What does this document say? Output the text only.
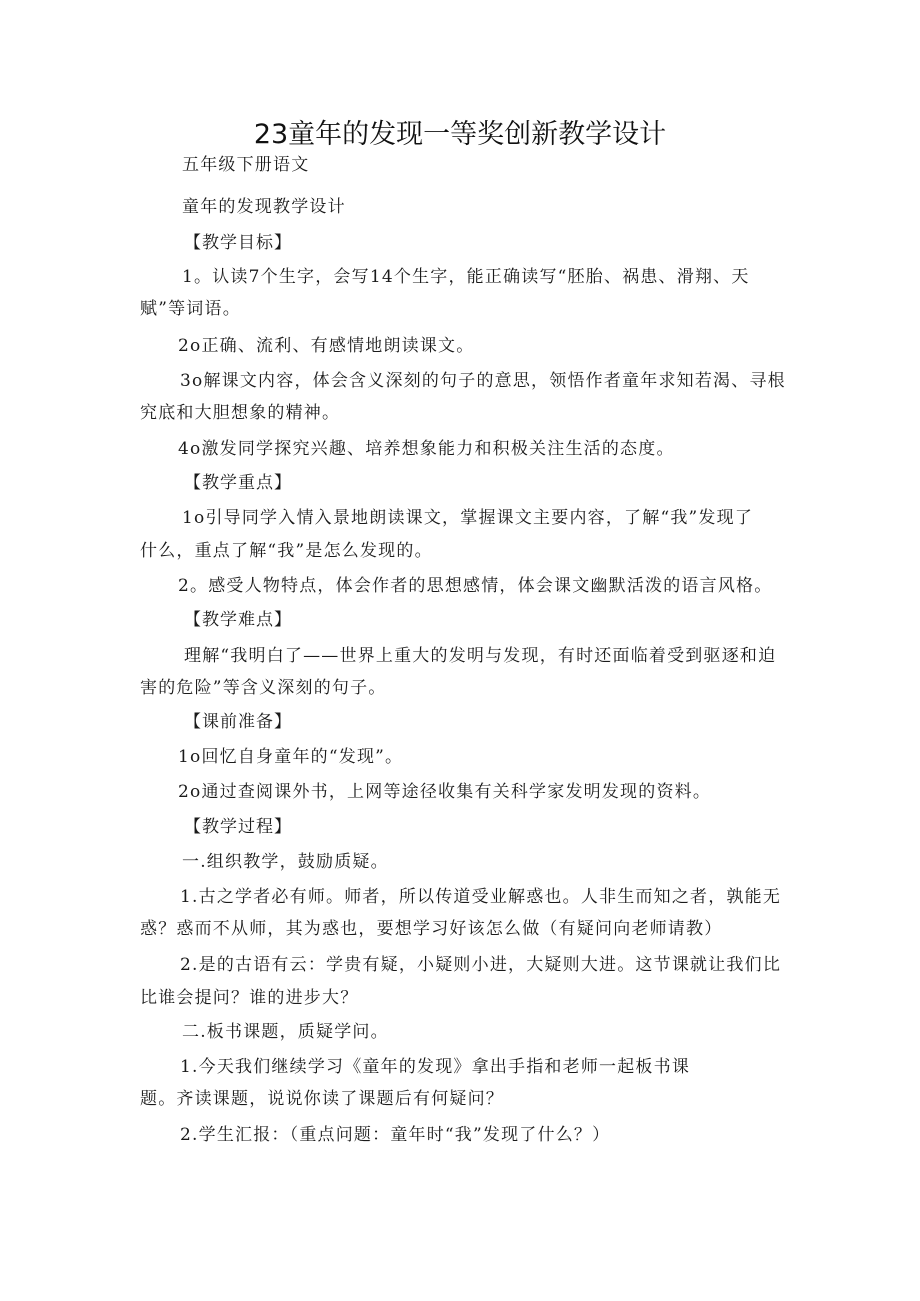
23童年的发现一等奖创新教学设计

五年级下册语文

童年的发现教学设计

【教学目标】

1。认读7个生字，会写14个生字，能正确读写“胚胎、祸患、滑翔、天

赋”等词语。

2o正确、流利、有感情地朗读课文。

3o解课文内容，体会含义深刻的句子的意思，领悟作者童年求知若渴、寻根

究底和大胆想象的精神。

4o激发同学探究兴趣、培养想象能力和积极关注生活的态度。

【教学重点】

1o引导同学入情入景地朗读课文，掌握课文主要内容，了解“我”发现了

什么，重点了解“我”是怎么发现的。

2。感受人物特点，体会作者的思想感情，体会课文幽默活泼的语言风格。

【教学难点】

理解“我明白了——世界上重大的发明与发现，有时还面临着受到驱逐和迫

害的危险”等含义深刻的句子。

【课前准备】

1o回忆自身童年的“发现”。

2o通过查阅课外书，上网等途径收集有关科学家发明发现的资料。

【教学过程】

一.组织教学，鼓励质疑。

1.古之学者必有师。师者，所以传道受业解惑也。人非生而知之者，孰能无

惑？惑而不从师，其为惑也，要想学习好该怎么做（有疑问向老师请教）

2.是的古语有云：学贵有疑，小疑则小进，大疑则大进。这节课就让我们比

比谁会提问？谁的进步大？

二.板书课题，质疑学问。

1.今天我们继续学习《童年的发现》拿出手指和老师一起板书课

题。齐读课题，说说你读了课题后有何疑问？

2.学生汇报：（重点问题：童年时“我”发现了什么？）
